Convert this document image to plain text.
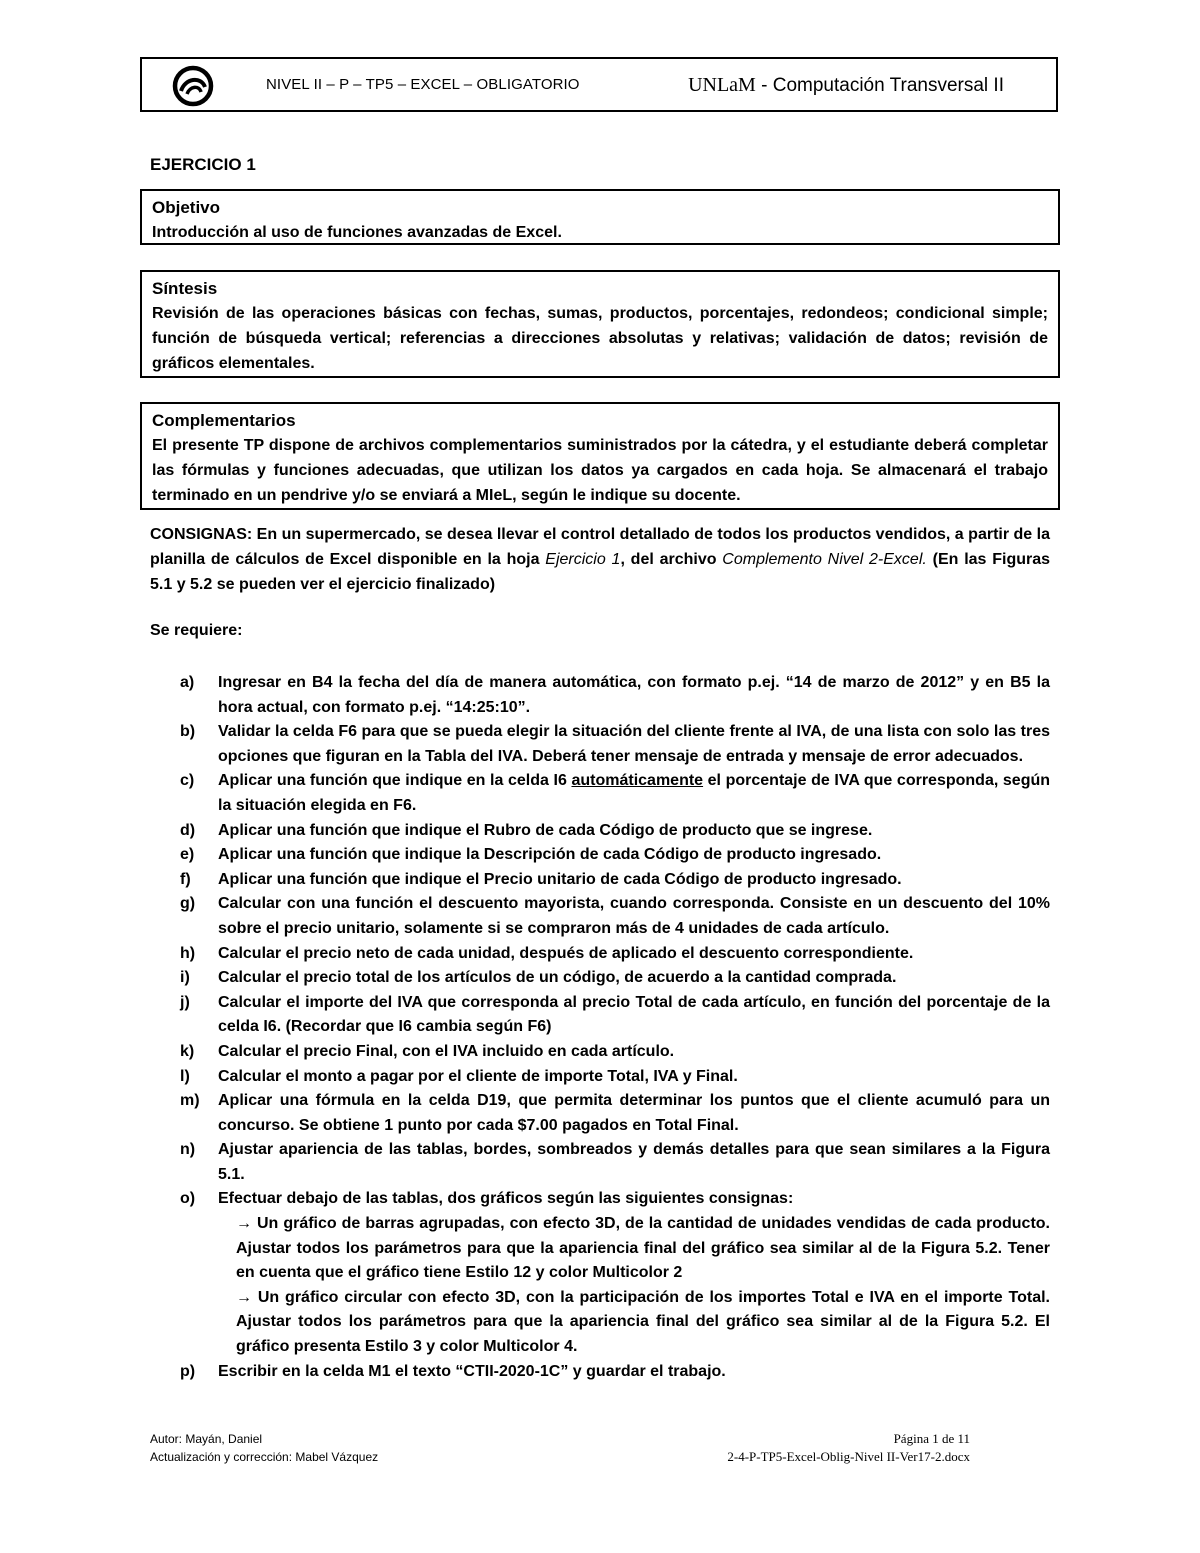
NIVEL II – P – TP5 – EXCEL – OBLIGATORIO	UNLaM - Computación Transversal II
EJERCICIO 1
Objetivo
Introducción al uso de funciones avanzadas de Excel.
Síntesis
Revisión de las operaciones básicas con fechas, sumas, productos, porcentajes, redondeos; condicional simple; función de búsqueda vertical; referencias a direcciones absolutas y relativas; validación de datos; revisión de gráficos elementales.
Complementarios
El presente TP dispone de archivos complementarios suministrados por la cátedra, y el estudiante deberá completar las fórmulas y funciones adecuadas, que utilizan los datos ya cargados en cada hoja. Se almacenará el trabajo terminado en un pendrive y/o se enviará a MIeL, según le indique su docente.
CONSIGNAS: En un supermercado, se desea llevar el control detallado de todos los productos vendidos, a partir de la planilla de cálculos de Excel disponible en la hoja Ejercicio 1, del archivo Complemento Nivel 2-Excel. (En las Figuras 5.1 y 5.2 se pueden ver el ejercicio finalizado)
Se requiere:
a) Ingresar en B4 la fecha del día de manera automática, con formato p.ej. “14 de marzo de 2012” y en B5 la hora actual, con formato p.ej. “14:25:10”.
b) Validar la celda F6 para que se pueda elegir la situación del cliente frente al IVA, de una lista con solo las tres opciones que figuran en la Tabla del IVA. Deberá tener mensaje de entrada y mensaje de error adecuados.
c) Aplicar una función que indique en la celda I6 automáticamente el porcentaje de IVA que corresponda, según la situación elegida en F6.
d) Aplicar una función que indique el Rubro de cada Código de producto que se ingrese.
e) Aplicar una función que indique la Descripción de cada Código de producto ingresado.
f) Aplicar una función que indique el Precio unitario de cada Código de producto ingresado.
g) Calcular con una función el descuento mayorista, cuando corresponda. Consiste en un descuento del 10% sobre el precio unitario, solamente si se compraron más de 4 unidades de cada artículo.
h) Calcular el precio neto de cada unidad, después de aplicado el descuento correspondiente.
i) Calcular el precio total de los artículos de un código, de acuerdo a la cantidad comprada.
j) Calcular el importe del IVA que corresponda al precio Total de cada artículo, en función del porcentaje de la celda I6. (Recordar que I6 cambia según F6)
k) Calcular el precio Final, con el IVA incluido en cada artículo.
l) Calcular el monto a pagar por el cliente de importe Total, IVA y Final.
m) Aplicar una fórmula en la celda D19, que permita determinar los puntos que el cliente acumuló para un concurso. Se obtiene 1 punto por cada $7.00 pagados en Total Final.
n) Ajustar apariencia de las tablas, bordes, sombreados y demás detalles para que sean similares a la Figura 5.1.
o) Efectuar debajo de las tablas, dos gráficos según las siguientes consignas:
→ Un gráfico de barras agrupadas, con efecto 3D, de la cantidad de unidades vendidas de cada producto. Ajustar todos los parámetros para que la apariencia final del gráfico sea similar al de la Figura 5.2. Tener en cuenta que el gráfico tiene Estilo 12 y color Multicolor 2
→ Un gráfico circular con efecto 3D, con la participación de los importes Total e IVA en el importe Total. Ajustar todos los parámetros para que la apariencia final del gráfico sea similar al de la Figura 5.2. El gráfico presenta Estilo 3 y color Multicolor 4.
p) Escribir en la celda M1 el texto “CTII-2020-1C” y guardar el trabajo.
Autor: Mayán, Daniel	Página 1 de 11
Actualización y corrección: Mabel Vázquez	2-4-P-TP5-Excel-Oblig-Nivel II-Ver17-2.docx
